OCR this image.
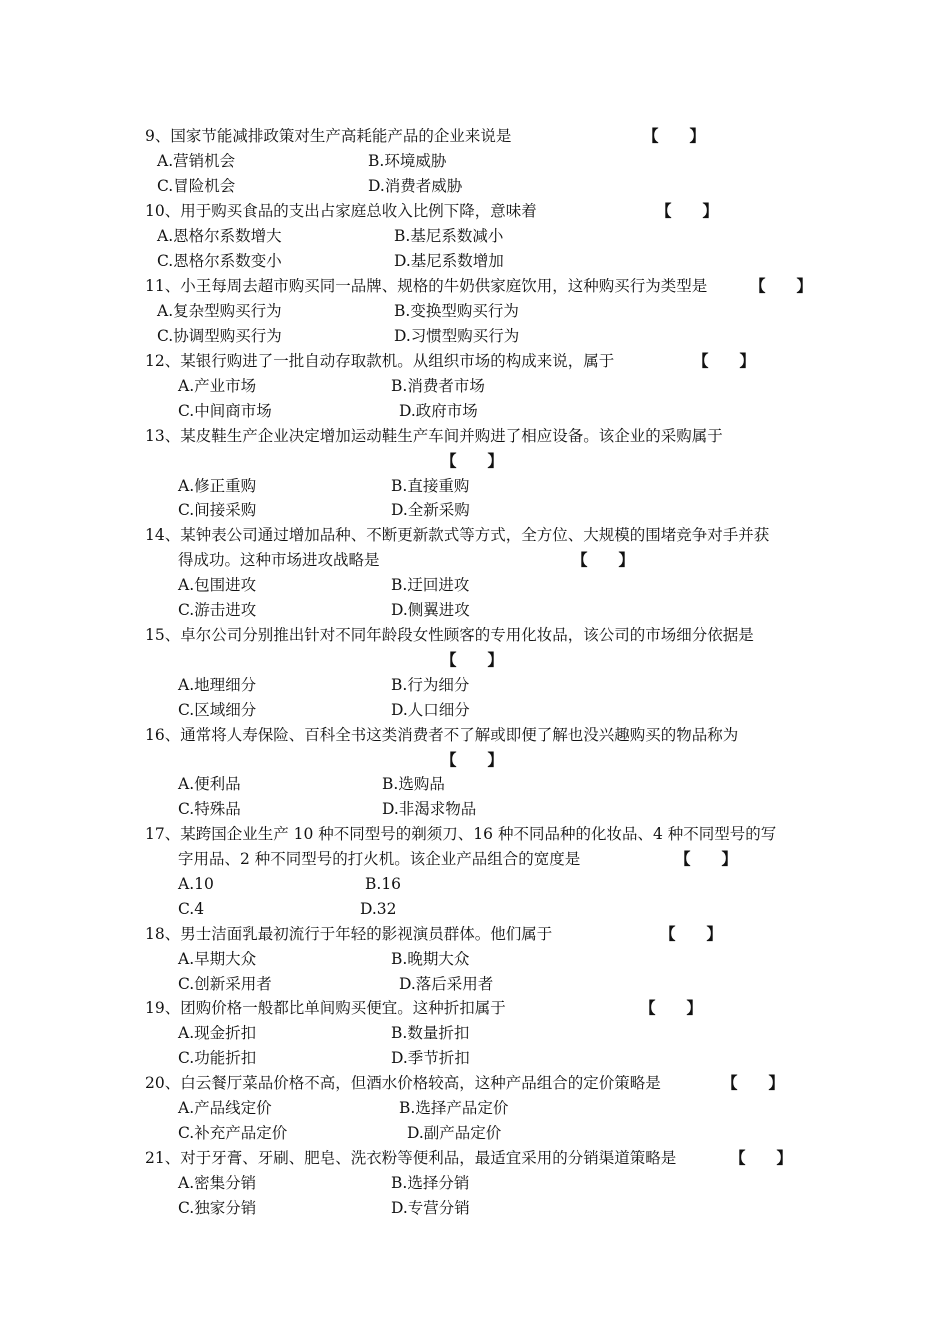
9、国家节能减排政策对生产高耗能产品的企业来说是	【　　】
A.营销机会	B.环境威胁
C.冒险机会	D.消费者威胁
10、用于购买食品的支出占家庭总收入比例下降，意味着	【　　】
A.恩格尔系数增大	B.基尼系数减小
C.恩格尔系数变小	D.基尼系数增加
11、小王每周去超市购买同一品牌、规格的牛奶供家庭饮用，这种购买行为类型是	【　　】
A.复杂型购买行为	B.变换型购买行为
C.协调型购买行为	D.习惯型购买行为
12、某银行购进了一批自动存取款机。从组织市场的构成来说，属于	【　　】
A.产业市场	B.消费者市场
C.中间商市场	D.政府市场
13、某皮鞋生产企业决定增加运动鞋生产车间并购进了相应设备。该企业的采购属于
【　　】
A.修正重购	B.直接重购
C.间接采购	D.全新采购
14、某钟表公司通过增加品种、不断更新款式等方式，全方位、大规模的围堵竞争对手并获
得成功。这种市场进攻战略是	【　　】
A.包围进攻	B.迂回进攻
C.游击进攻	D.侧翼进攻
15、卓尔公司分别推出针对不同年龄段女性顾客的专用化妆品，该公司的市场细分依据是
【　　】
A.地理细分	B.行为细分
C.区域细分	D.人口细分
16、通常将人寿保险、百科全书这类消费者不了解或即便了解也没兴趣购买的物品称为
【　　】
A.便利品	B.选购品
C.特殊品	D.非渴求物品
17、某跨国企业生产 10 种不同型号的剃须刀、16 种不同品种的化妆品、4 种不同型号的写
字用品、2 种不同型号的打火机。该企业产品组合的宽度是	【　　】
A.10	B.16
C.4	D.32
18、男士洁面乳最初流行于年轻的影视演员群体。他们属于	【　　】
A.早期大众	B.晚期大众
C.创新采用者	D.落后采用者
19、团购价格一般都比单间购买便宜。这种折扣属于	【　　】
A.现金折扣	B.数量折扣
C.功能折扣	D.季节折扣
20、白云餐厅菜品价格不高，但酒水价格较高，这种产品组合的定价策略是	【　　】
A.产品线定价	B.选择产品定价
C.补充产品定价	D.副产品定价
21、对于牙膏、牙刷、肥皂、洗衣粉等便利品，最适宜采用的分销渠道策略是	【　　】
A.密集分销	B.选择分销
C.独家分销	D.专营分销
